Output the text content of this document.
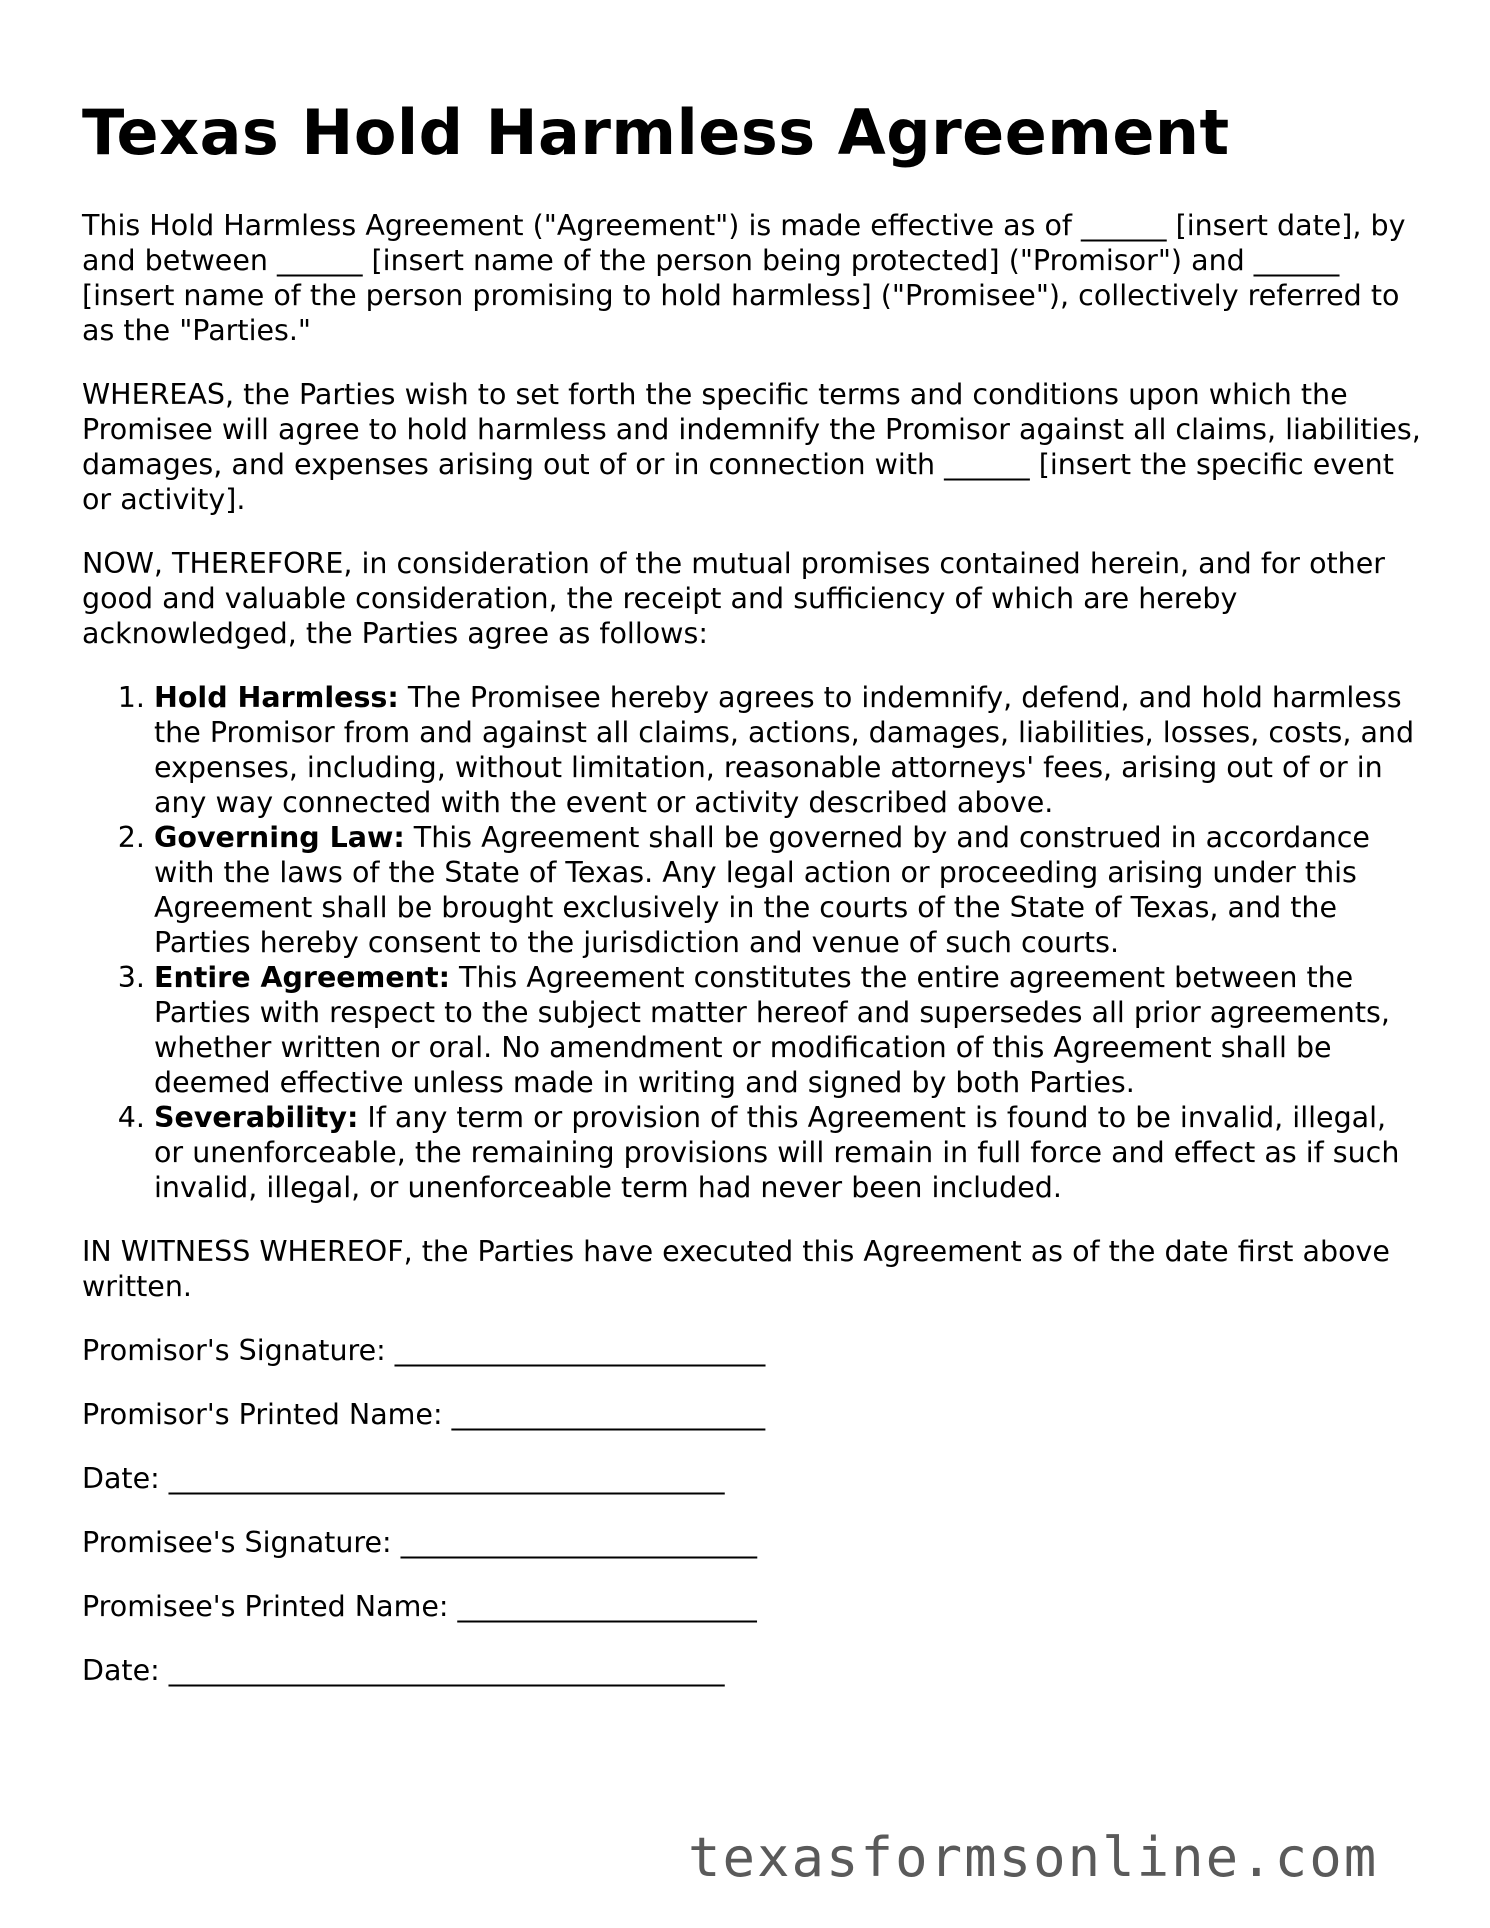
Texas Hold Harmless Agreement

This Hold Harmless Agreement ("Agreement") is made effective as of ______ [insert date], by and between ______ [insert name of the person being protected] ("Promisor") and ______ [insert name of the person promising to hold harmless] ("Promisee"), collectively referred to as the "Parties."

WHEREAS, the Parties wish to set forth the specific terms and conditions upon which the Promisee will agree to hold harmless and indemnify the Promisor against all claims, liabilities, damages, and expenses arising out of or in connection with ______ [insert the specific event or activity].

NOW, THEREFORE, in consideration of the mutual promises contained herein, and for other good and valuable consideration, the receipt and sufficiency of which are hereby acknowledged, the Parties agree as follows:

1. Hold Harmless: The Promisee hereby agrees to indemnify, defend, and hold harmless the Promisor from and against all claims, actions, damages, liabilities, losses, costs, and expenses, including, without limitation, reasonable attorneys' fees, arising out of or in any way connected with the event or activity described above.
2. Governing Law: This Agreement shall be governed by and construed in accordance with the laws of the State of Texas. Any legal action or proceeding arising under this Agreement shall be brought exclusively in the courts of the State of Texas, and the Parties hereby consent to the jurisdiction and venue of such courts.
3. Entire Agreement: This Agreement constitutes the entire agreement between the Parties with respect to the subject matter hereof and supersedes all prior agreements, whether written or oral. No amendment or modification of this Agreement shall be deemed effective unless made in writing and signed by both Parties.
4. Severability: If any term or provision of this Agreement is found to be invalid, illegal, or unenforceable, the remaining provisions will remain in full force and effect as if such invalid, illegal, or unenforceable term had never been included.

IN WITNESS WHEREOF, the Parties have executed this Agreement as of the date first above written.

Promisor's Signature: __________________________
Promisor's Printed Name: ______________________
Date: _______________________________________
Promisee's Signature: _________________________
Promisee's Printed Name: _____________________
Date: _______________________________________
texasformsonline.com
